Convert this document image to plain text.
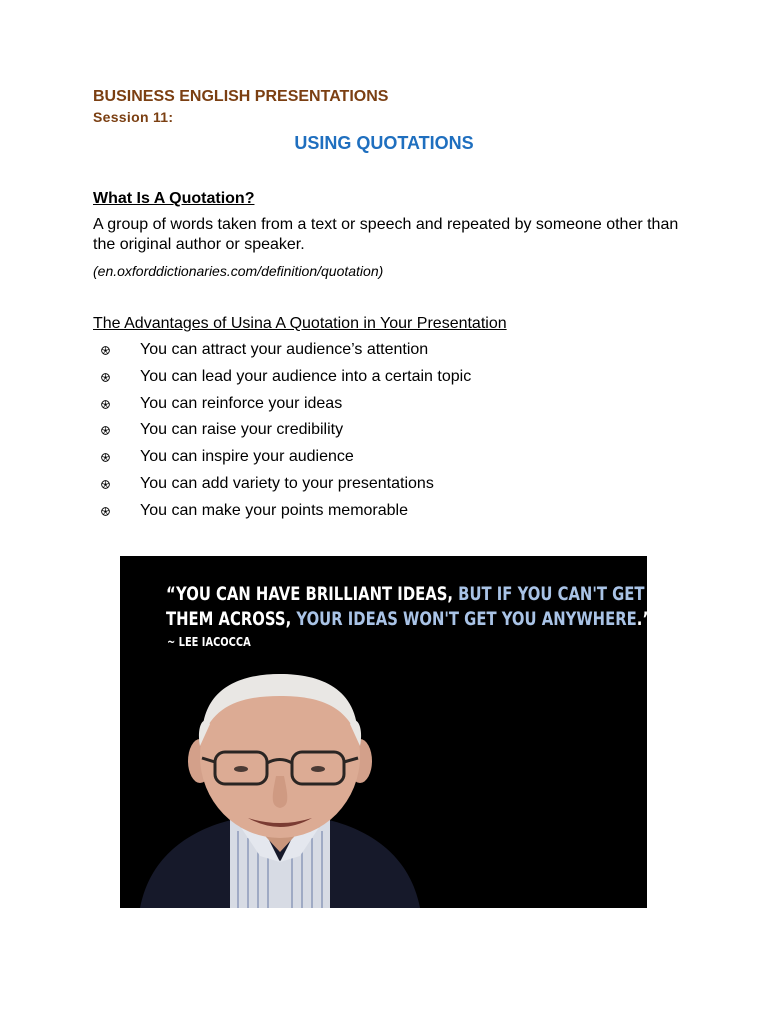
BUSINESS ENGLISH PRESENTATIONS
Session 11:
USING QUOTATIONS
What Is A Quotation?
A group of words taken from a text or speech and repeated by someone other than the original author or speaker.
(en.oxforddictionaries.com/definition/quotation)
The Advantages of Usina A Quotation in Your Presentation
You can attract your audience’s attention
You can lead your audience into a certain topic
You can reinforce your ideas
You can raise your credibility
You can inspire your audience
You can add variety to your presentations
You can make your points memorable
“YOU CAN HAVE BRILLIANT IDEAS, BUT IF YOU CAN'T GET
THEM ACROSS, YOUR IDEAS WON'T GET YOU ANYWHERE.”
~ LEE IACOCCA
